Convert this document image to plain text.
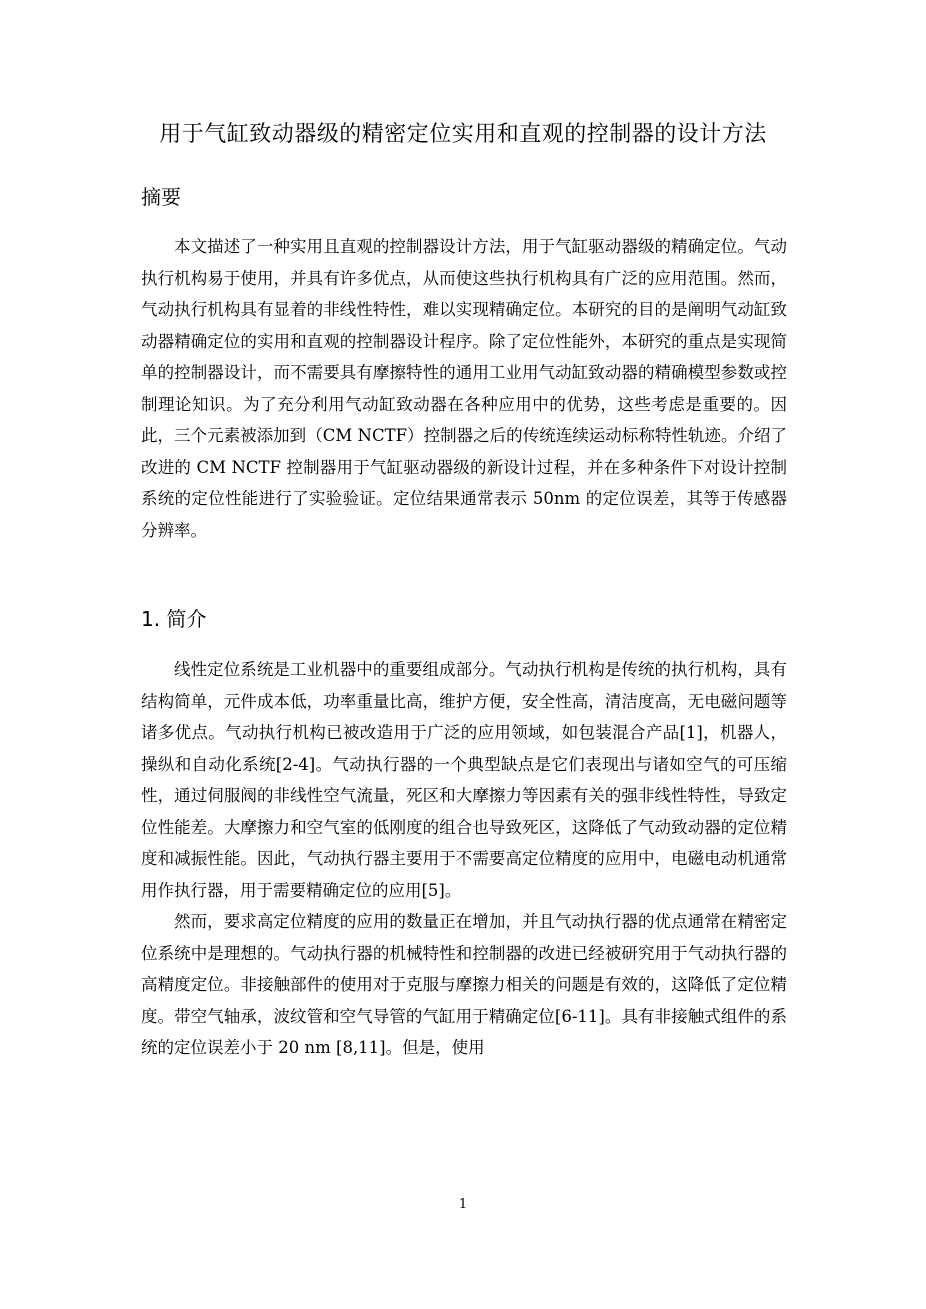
用于气缸致动器级的精密定位实用和直观的控制器的设计方法
摘要

本文描述了一种实用且直观的控制器设计方法，用于气缸驱动器级的精确定位。气动执行机构易于使用，并具有许多优点，从而使这些执行机构具有广泛的应用范围。然而，气动执行机构具有显着的非线性特性，难以实现精确定位。本研究的目的是阐明气动缸致动器精确定位的实用和直观的控制器设计程序。除了定位性能外，本研究的重点是实现简单的控制器设计，而不需要具有摩擦特性的通用工业用气动缸致动器的精确模型参数或控制理论知识。为了充分利用气动缸致动器在各种应用中的优势，这些考虑是重要的。因此，三个元素被添加到（CM NCTF）控制器之后的传统连续运动标称特性轨迹。介绍了改进的 CM NCTF 控制器用于气缸驱动器级的新设计过程，并在多种条件下对设计控制系统的定位性能进行了实验验证。定位结果通常表示 50nm 的定位误差，其等于传感器分辨率。

1. 简介

线性定位系统是工业机器中的重要组成部分。气动执行机构是传统的执行机构，具有结构简单，元件成本低，功率重量比高，维护方便，安全性高，清洁度高，无电磁问题等诸多优点。气动执行机构已被改造用于广泛的应用领域，如包装混合产品[1]，机器人，操纵和自动化系统[2-4]。气动执行器的一个典型缺点是它们表现出与诸如空气的可压缩性，通过伺服阀的非线性空气流量，死区和大摩擦力等因素有关的强非线性特性，导致定位性能差。大摩擦力和空气室的低刚度的组合也导致死区，这降低了气动致动器的定位精度和减振性能。因此，气动执行器主要用于不需要高定位精度的应用中，电磁电动机通常用作执行器，用于需要精确定位的应用[5]。

然而，要求高定位精度的应用的数量正在增加，并且气动执行器的优点通常在精密定位系统中是理想的。气动执行器的机械特性和控制器的改进已经被研究用于气动执行器的高精度定位。非接触部件的使用对于克服与摩擦力相关的问题是有效的，这降低了定位精度。带空气轴承，波纹管和空气导管的气缸用于精确定位[6-11]。具有非接触式组件的系统的定位误差小于 20 nm [8,11]。但是，使用

1
